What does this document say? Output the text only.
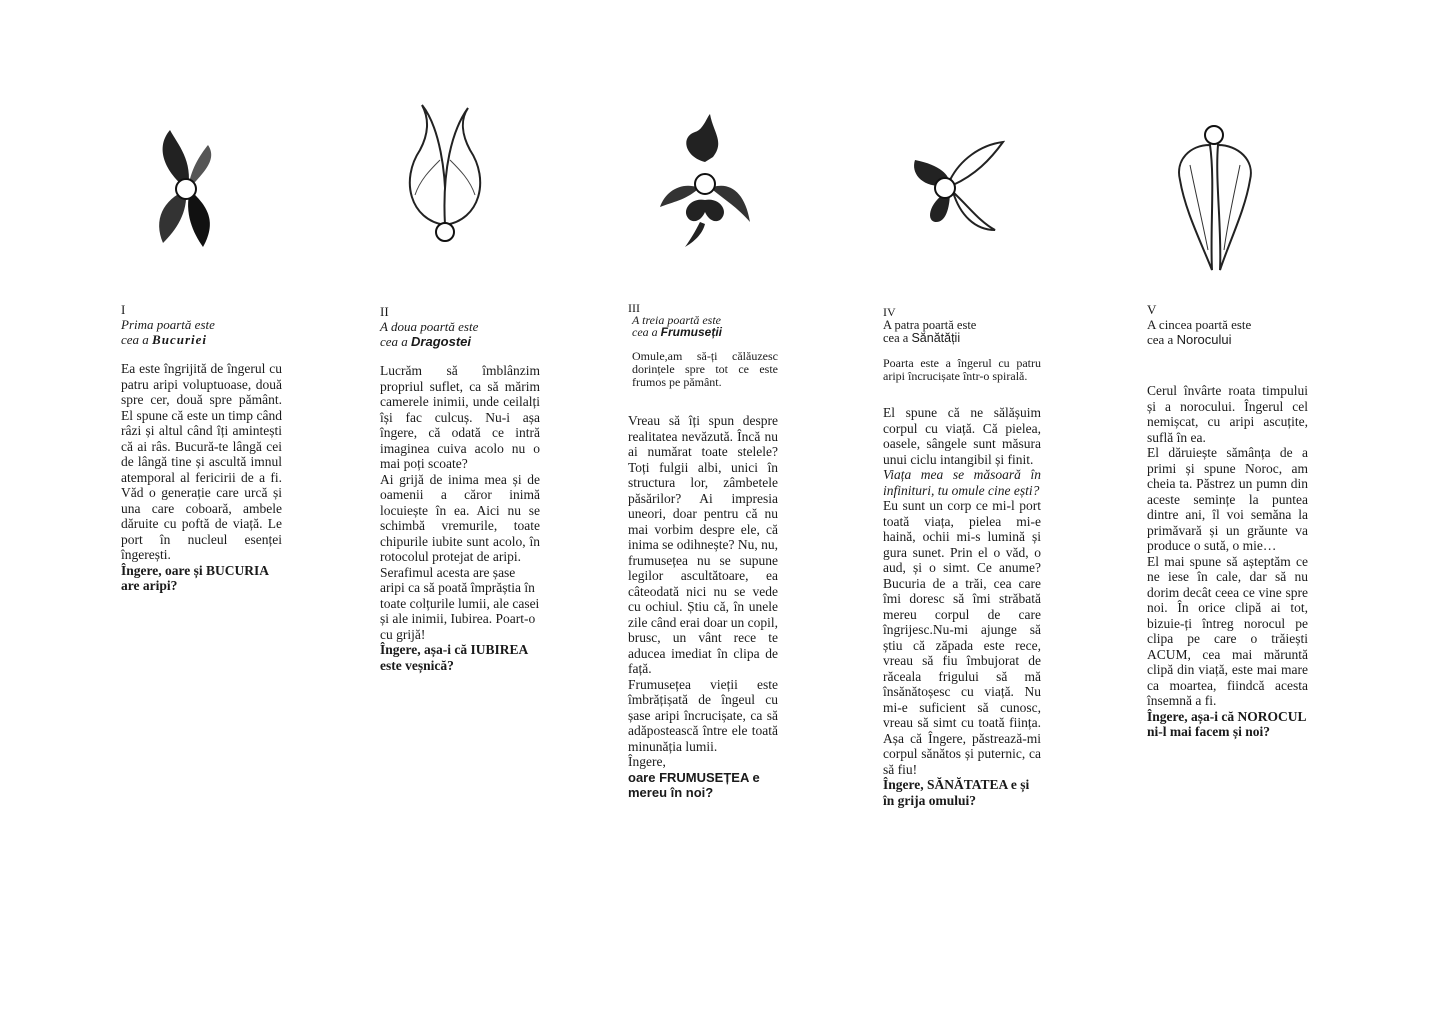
I
Prima poartă este
cea a Bucuriei

Ea este îngrijită de îngerul cu patru aripi voluptuoase, două spre cer, două spre pământ. El spune că este un timp când râzi și altul când îți amintești că ai râs. Bucură-te lângă cei de lângă tine și ascultă imnul atemporal al fericirii de a fi. Văd o generație care urcă și una care coboară, ambele dăruite cu poftă de viață. Le port în nucleul esenței îngerești.

Îngere, oare și BUCURIA are aripi?

II
A doua poartă este
cea a Dragostei

Lucrăm să îmblânzim propriul suflet, ca să mărim camerele inimii, unde ceilalți își fac culcuș. Nu-i așa îngere, că odată ce intră imaginea cuiva acolo nu o mai poți scoate?

Ai grijă de inima mea și de oamenii a căror inimă locuiește în ea. Aici nu se schimbă vremurile, toate chipurile iubite sunt acolo, în rotocolul protejat de aripi.

Serafimul acesta are șase aripi ca să poată împrăștia în toate colțurile lumii, ale casei și ale inimii, Iubirea. Poart-o cu grijă!

Îngere, așa-i că IUBIREA este veșnică?

III
A treia poartă este
cea a Frumuseții
Omule,am să-ți călăuzesc dorințele spre tot ce este frumos pe pământ.

Vreau să îți spun despre realitatea nevăzută. Încă nu ai numărat toate stelele? Toți fulgii albi, unici în structura lor, zâmbetele păsărilor? Ai impresia uneori, doar pentru că nu mai vorbim despre ele, că inima se odihnește? Nu, nu, frumusețea nu se supune legilor ascultătoare, ea câteodată nici nu se vede cu ochiul. Știu că, în unele zile când erai doar un copil, brusc, un vânt rece te aducea imediat în clipa de față.

Frumusețea vieții este îmbrățișată de îngeul cu șase aripi încrucișate, ca să adăpostească între ele toată minunăția lumii.

Îngere,

oare FRUMUSEȚEA e mereu în noi?

IV
A patra poartă este
cea a Sănătății
Poarta este a îngerul cu patru aripi încrucișate într-o spirală.

El spune că ne sălășuim corpul cu viață. Că pielea, oasele, sângele sunt măsura unui ciclu intangibil și finit.

Viața mea se măsoară în infinituri, tu omule cine ești?

Eu sunt un corp ce mi-l port toată viața, pielea mi-e haină, ochii mi-s lumină și gura sunet. Prin el o văd, o aud, și o simt. Ce anume? Bucuria de a trăi, cea care îmi doresc să îmi străbată mereu corpul de care îngrijesc.Nu-mi ajunge să știu că zăpada este rece, vreau să fiu îmbujorat de răceala frigului să mă însănătoșesc cu viață. Nu mi-e suficient să cunosc, vreau să simt cu toată ființa. Așa că Îngere, păstrează-mi corpul sănătos și puternic, ca să fiu!

Îngere, SĂNĂTATEA e și în grija omului?

V
A cincea poartă este
cea a Norocului

Cerul învârte roata timpului și a norocului. Îngerul cel nemișcat, cu aripi ascuțite, suflă în ea.

El dăruiește sămânța de a primi și spune Noroc, am cheia ta. Păstrez un pumn din aceste semințe la puntea dintre ani, îl voi semăna la primăvară și un grăunte va produce o sută, o mie…

El mai spune să așteptăm ce ne iese în cale, dar să nu dorim decât ceea ce vine spre noi. În orice clipă ai tot, bizuie-ți întreg norocul pe clipa pe care o trăiești ACUM, cea mai măruntă clipă din viață, este mai mare ca moartea, fiindcă acesta însemnă a fi.

Îngere, așa-i că NOROCUL ni-l mai facem și noi?
